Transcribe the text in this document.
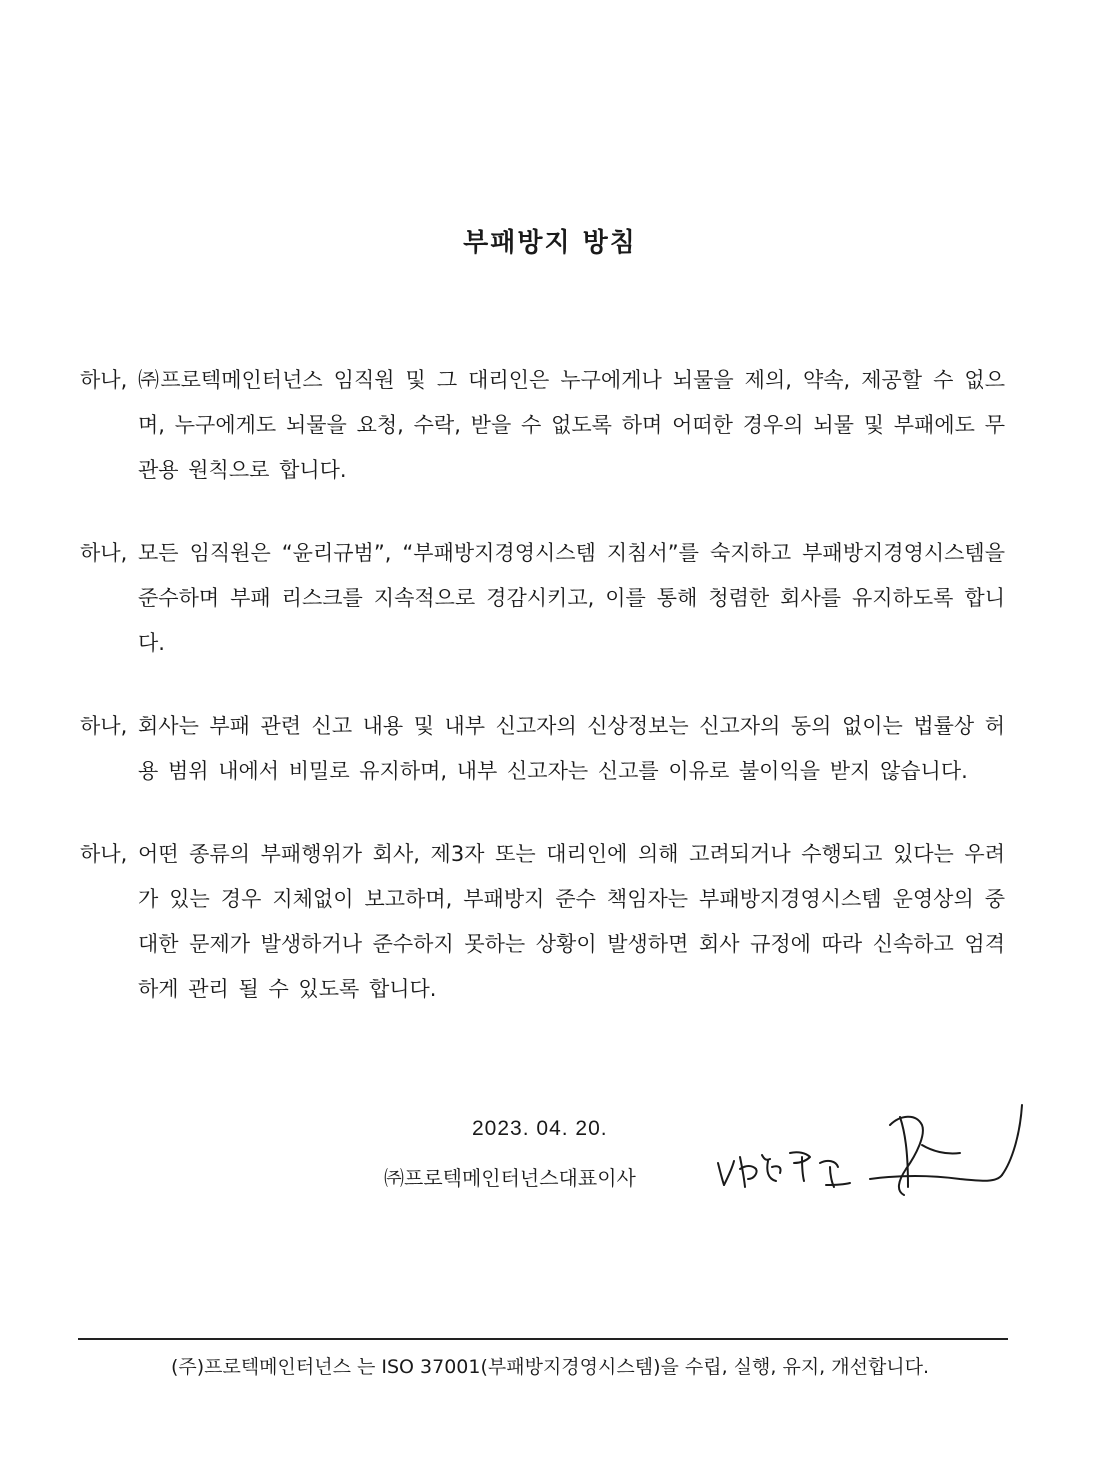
부패방지 방침
하나, ㈜프로텍메인터넌스 임직원 및 그 대리인은 누구에게나 뇌물을 제의, 약속, 제공할 수 없으며, 누구에게도 뇌물을 요청, 수락, 받을 수 없도록 하며 어떠한 경우의 뇌물 및 부패에도 무관용 원칙으로 합니다.
하나, 모든 임직원은 “윤리규범”, “부패방지경영시스템 지침서”를 숙지하고 부패방지경영시스템을 준수하며 부패 리스크를 지속적으로 경감시키고, 이를 통해 청렴한 회사를 유지하도록 합니다.
하나, 회사는 부패 관련 신고 내용 및 내부 신고자의 신상정보는 신고자의 동의 없이는 법률상 허용 범위 내에서 비밀로 유지하며, 내부 신고자는 신고를 이유로 불이익을 받지 않습니다.
하나, 어떤 종류의 부패행위가 회사, 제3자 또는 대리인에 의해 고려되거나 수행되고 있다는 우려가 있는 경우 지체없이 보고하며, 부패방지 준수 책임자는 부패방지경영시스템 운영상의 중대한 문제가 발생하거나 준수하지 못하는 상황이 발생하면 회사 규정에 따라 신속하고 엄격하게 관리 될 수 있도록 합니다.
2023. 04. 20.
㈜프로텍메인터넌스대표이사
(주)프로텍메인터넌스 는 ISO 37001(부패방지경영시스템)을 수립, 실행, 유지, 개선합니다.
